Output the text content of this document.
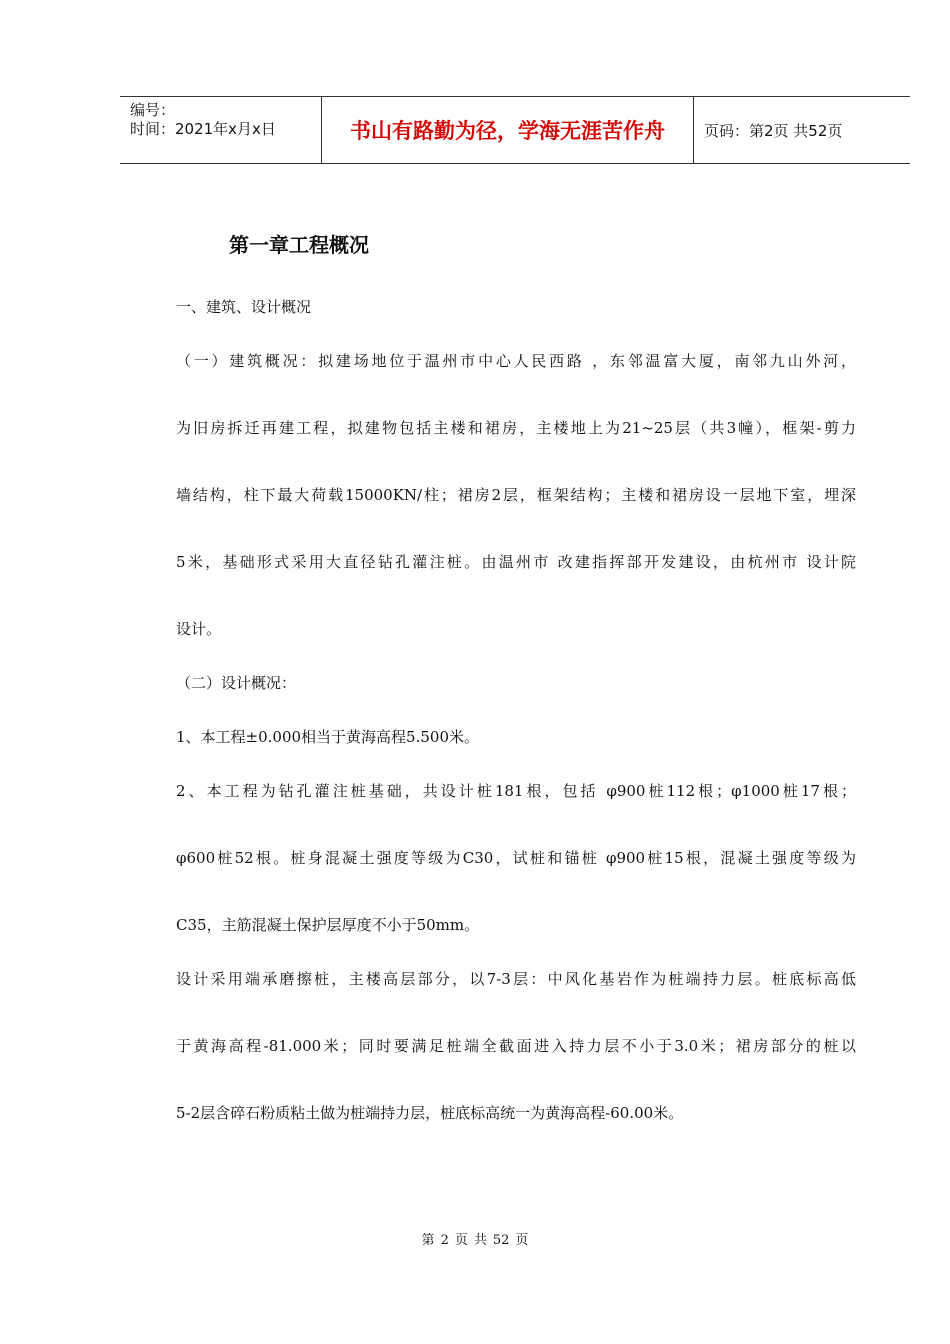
编号：
时间：2021年x月x日	书山有路勤为径，学海无涯苦作舟	页码：第2页 共52页
第一章工程概况
一、建筑、设计概况
（一）建筑概况：拟建场地位于温州市中心人民西路 ，东邻温富大厦，南邻九山外河，
为旧房拆迁再建工程，拟建物包括主楼和裙房，主楼地上为21~25层（共3幢），框架-剪力
墙结构，柱下最大荷载15000KN/柱；裙房2层，框架结构；主楼和裙房设一层地下室，埋深
5米，基础形式采用大直径钻孔灌注桩。由温州市 改建指挥部开发建设，由杭州市 设计院
设计。
（二）设计概况：
1、本工程±0.000相当于黄海高程5.500米。
2、本工程为钻孔灌注桩基础，共设计桩181根，包括 φ900桩112根；φ1000桩17根；
φ600桩52根。桩身混凝土强度等级为C30，试桩和锚桩 φ900桩15根，混凝土强度等级为
C35，主筋混凝土保护层厚度不小于50mm。
设计采用端承磨擦桩，主楼高层部分，以7-3层：中风化基岩作为桩端持力层。桩底标高低
于黄海高程-81.000米；同时要满足桩端全截面进入持力层不小于3.0米；裙房部分的桩以
5-2层含碎石粉质粘土做为桩端持力层，桩底标高统一为黄海高程-60.00米。
第 2 页 共 52 页
